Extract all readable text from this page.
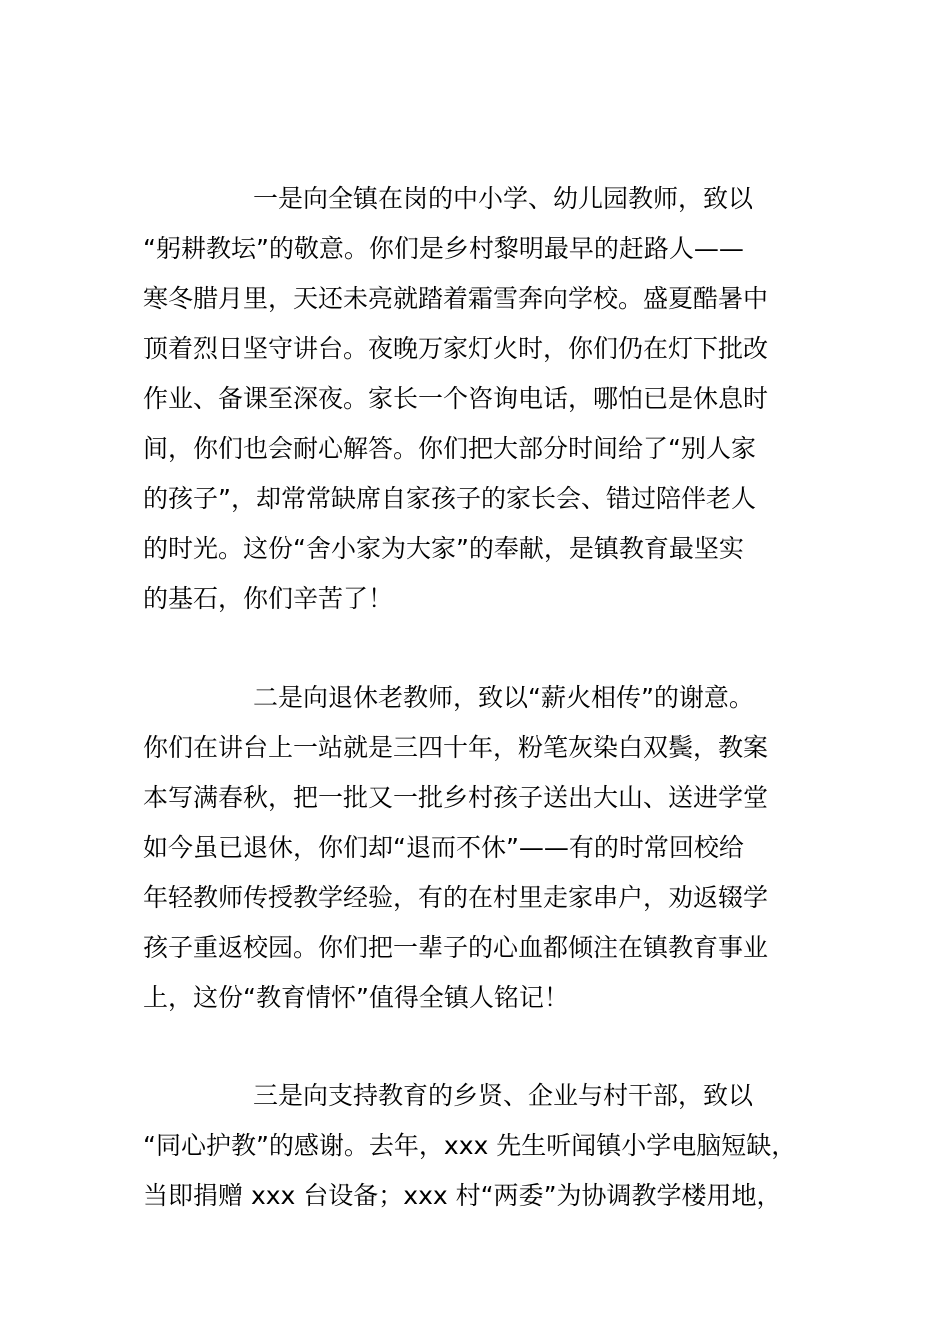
一是向全镇在岗的中小学、幼儿园教师，致以
“躬耕教坛”的敬意。你们是乡村黎明最早的赶路人——
寒冬腊月里，天还未亮就踏着霜雪奔向学校。盛夏酷暑中
顶着烈日坚守讲台。夜晚万家灯火时，你们仍在灯下批改
作业、备课至深夜。家长一个咨询电话，哪怕已是休息时
间，你们也会耐心解答。你们把大部分时间给了“别人家
的孩子”，却常常缺席自家孩子的家长会、错过陪伴老人
的时光。这份“舍小家为大家”的奉献，是镇教育最坚实
的基石，你们辛苦了！
二是向退休老教师，致以“薪火相传”的谢意。
你们在讲台上一站就是三四十年，粉笔灰染白双鬓，教案
本写满春秋，把一批又一批乡村孩子送出大山、送进学堂
如今虽已退休，你们却“退而不休”——有的时常回校给
年轻教师传授教学经验，有的在村里走家串户，劝返辍学
孩子重返校园。你们把一辈子的心血都倾注在镇教育事业
上，这份“教育情怀”值得全镇人铭记！
三是向支持教育的乡贤、企业与村干部，致以
“同心护教”的感谢。去年，xxx 先生听闻镇小学电脑短缺，
当即捐赠 xxx 台设备；xxx 村“两委”为协调教学楼用地，
